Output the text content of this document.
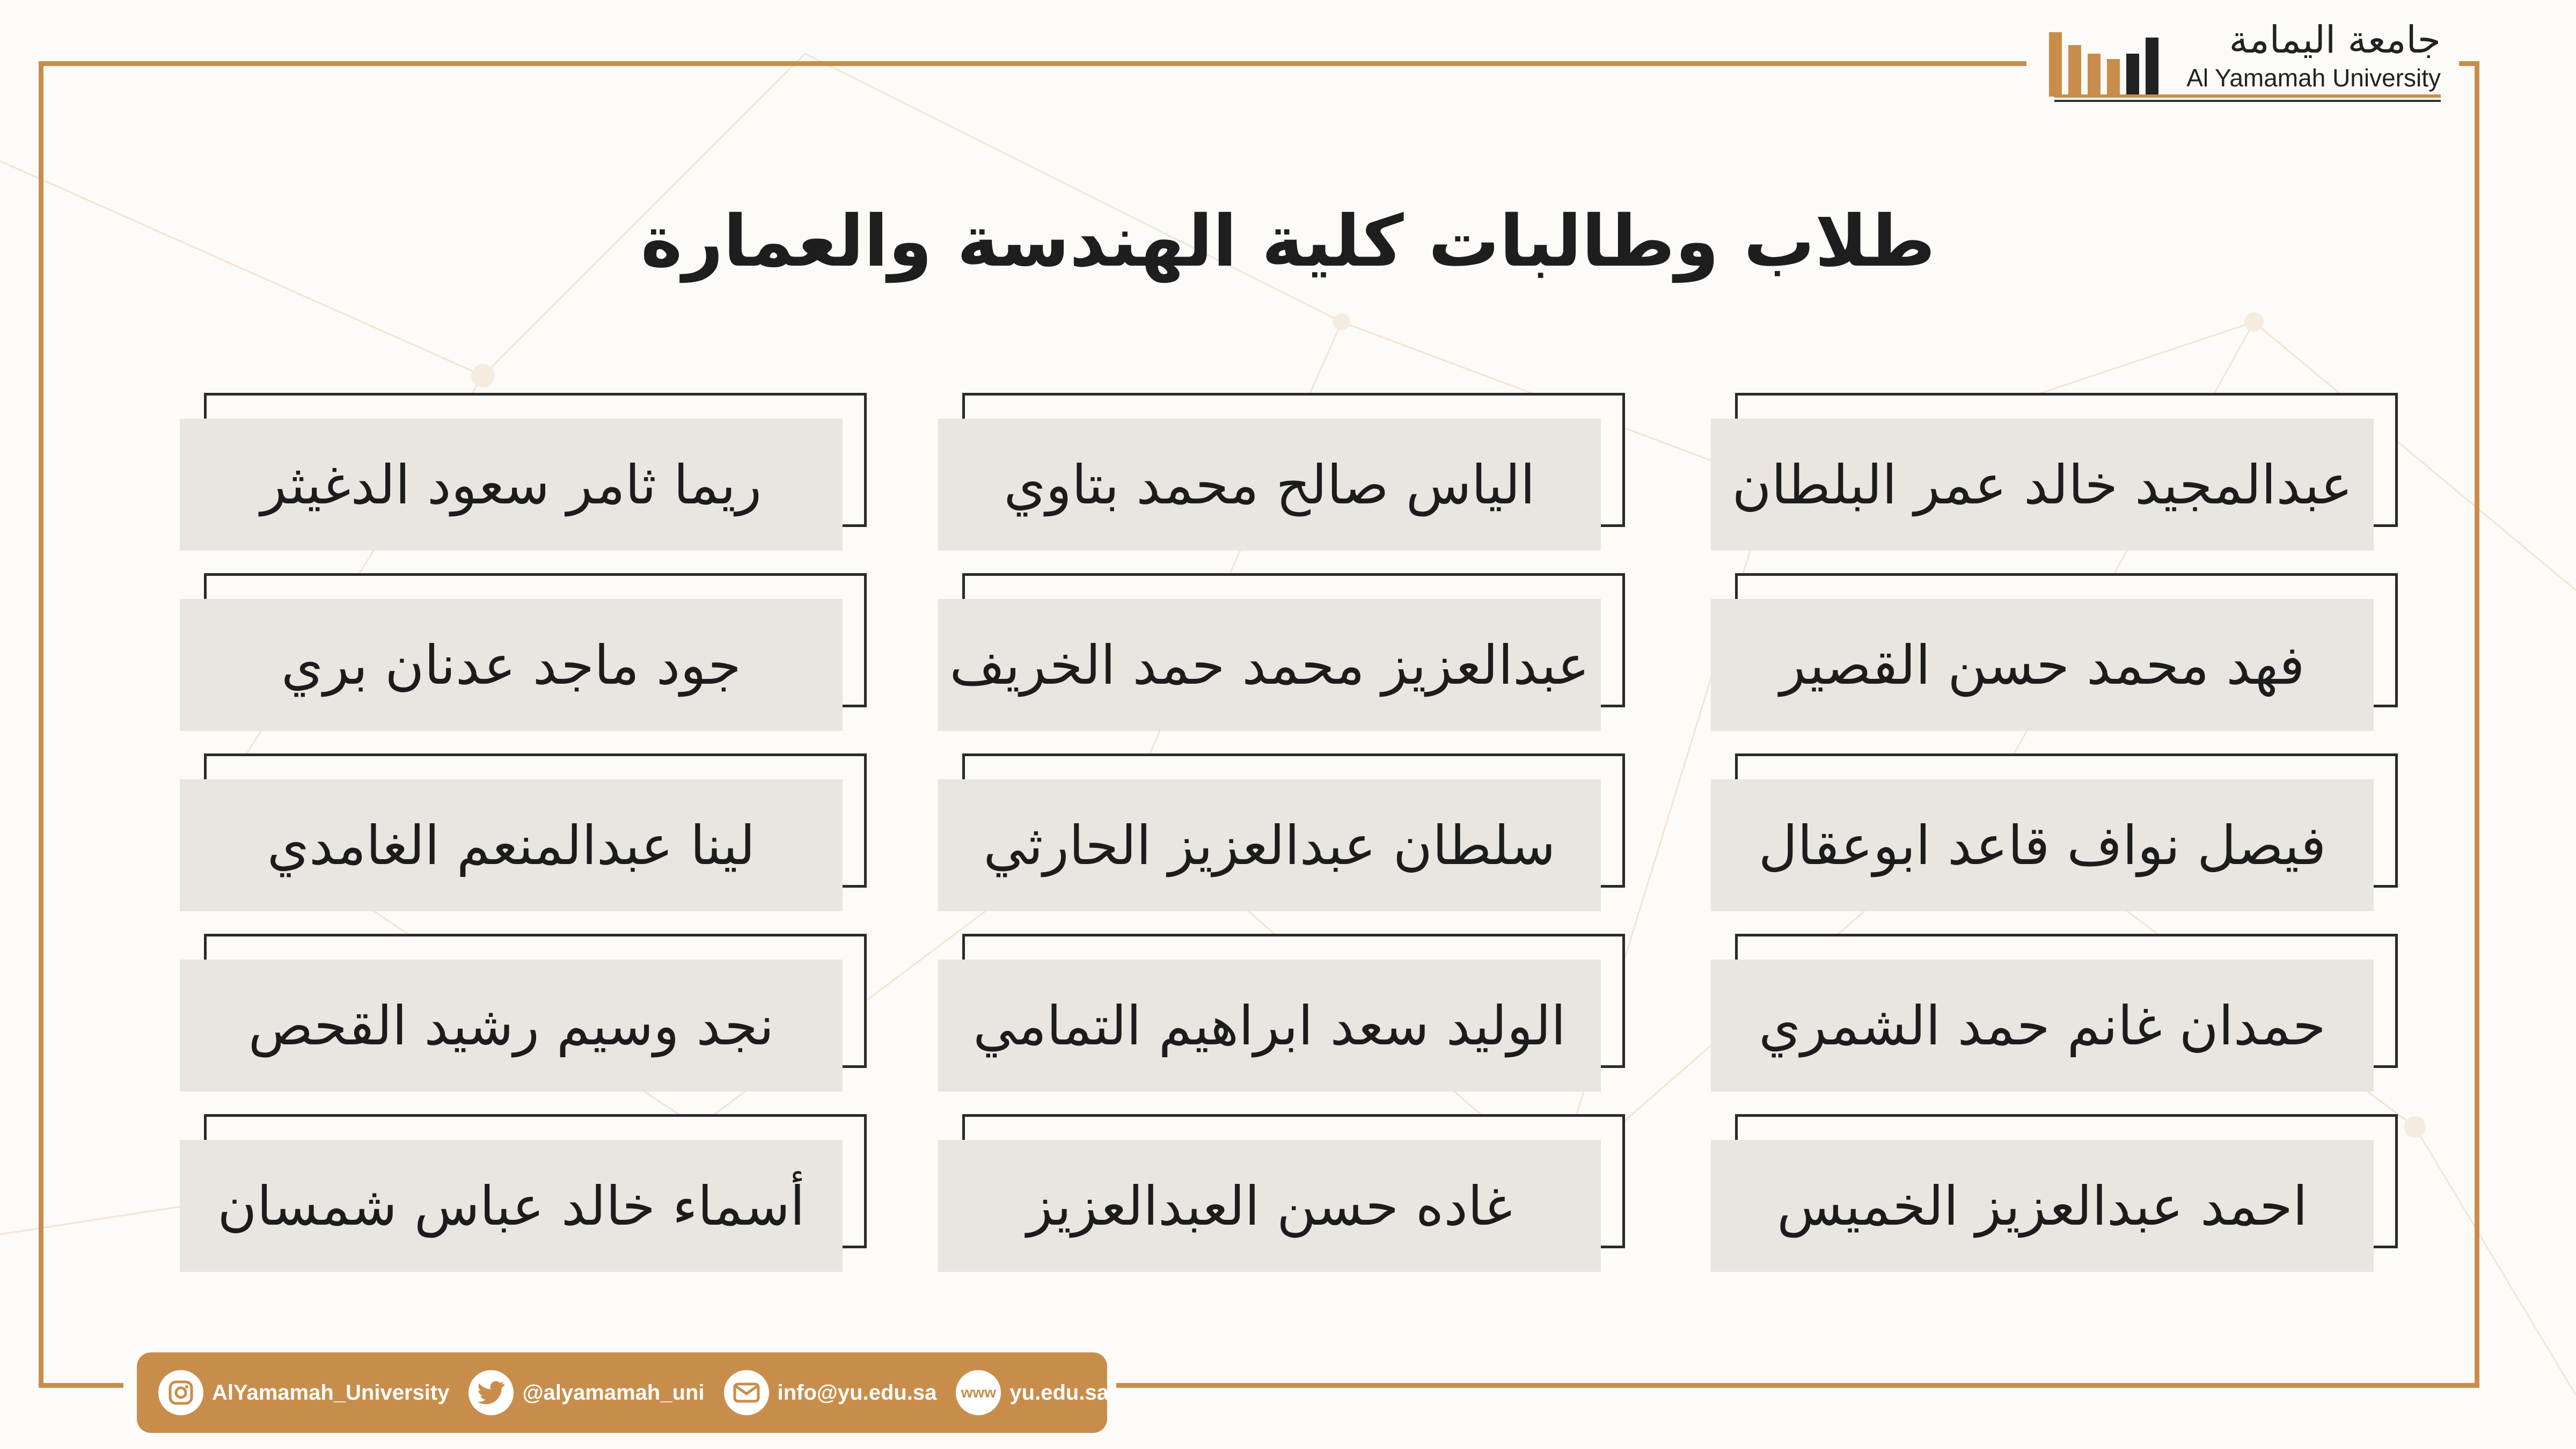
جامعة اليمامة
Al Yamamah University
طلاب وطالبات كلية الهندسة والعمارة
عبدالمجيد خالد عمر البلطان
فهد محمد حسن القصير
فيصل نواف قاعد ابوعقال
حمدان غانم حمد الشمري
احمد عبدالعزيز الخميس
الياس صالح محمد بتاوي
عبدالعزيز محمد حمد الخريف
سلطان عبدالعزيز الحارثي
الوليد سعد ابراهيم التمامي
غاده حسن العبدالعزيز
ريما ثامر سعود الدغيثر
جود ماجد عدنان بري
لينا عبدالمنعم الغامدي
نجد وسيم رشيد القحص
أسماء خالد عباس شمسان
AlYamamah_University	@alyamamah_uni	info@yu.edu.sa www yu.edu.sa
